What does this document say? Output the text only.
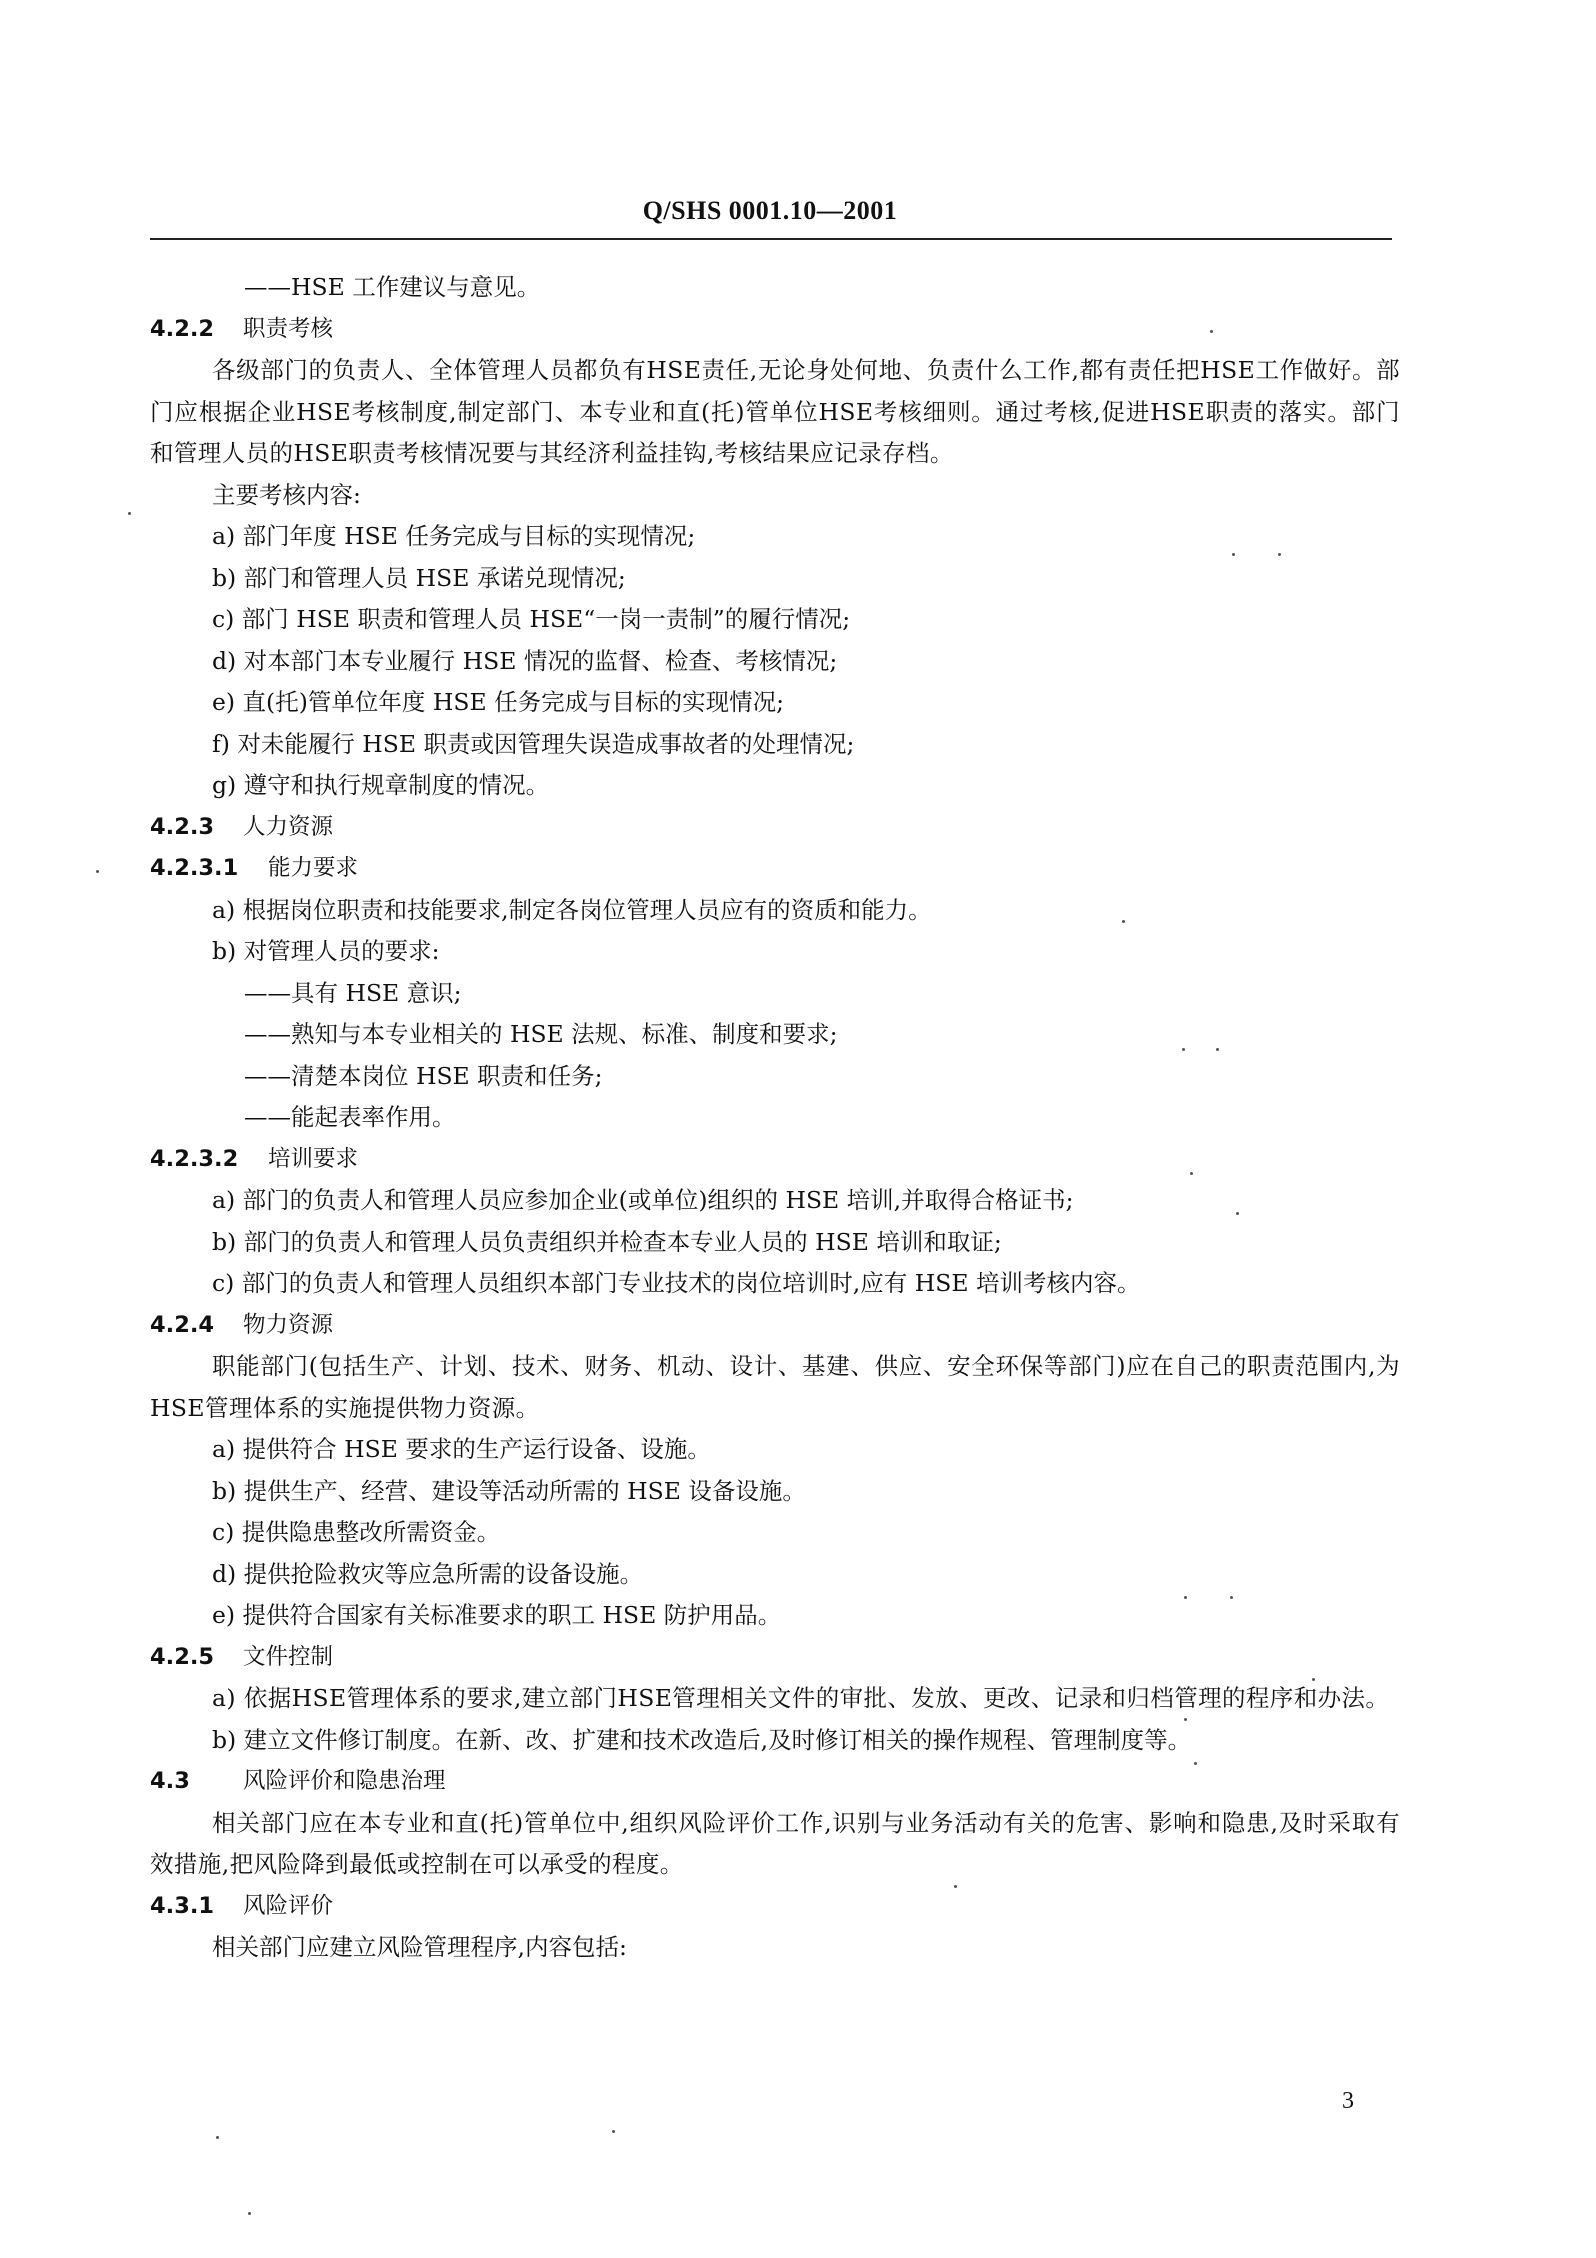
Q/SHS 0001.10—2001
——HSE 工作建议与意见。
4.2.2 职责考核
各级部门的负责人、全体管理人员都负有HSE责任,无论身处何地、负责什么工作,都有责任把HSE工作做好。部门应根据企业HSE考核制度,制定部门、本专业和直(托)管单位HSE考核细则。通过考核,促进HSE职责的落实。部门和管理人员的HSE职责考核情况要与其经济利益挂钩,考核结果应记录存档。
主要考核内容:
a) 部门年度 HSE 任务完成与目标的实现情况;
b) 部门和管理人员 HSE 承诺兑现情况;
c) 部门 HSE 职责和管理人员 HSE“一岗一责制”的履行情况;
d) 对本部门本专业履行 HSE 情况的监督、检查、考核情况;
e) 直(托)管单位年度 HSE 任务完成与目标的实现情况;
f) 对未能履行 HSE 职责或因管理失误造成事故者的处理情况;
g) 遵守和执行规章制度的情况。
4.2.3 人力资源
4.2.3.1 能力要求
a) 根据岗位职责和技能要求,制定各岗位管理人员应有的资质和能力。
b) 对管理人员的要求:
——具有 HSE 意识;
——熟知与本专业相关的 HSE 法规、标准、制度和要求;
——清楚本岗位 HSE 职责和任务;
——能起表率作用。
4.2.3.2 培训要求
a) 部门的负责人和管理人员应参加企业(或单位)组织的 HSE 培训,并取得合格证书;
b) 部门的负责人和管理人员负责组织并检查本专业人员的 HSE 培训和取证;
c) 部门的负责人和管理人员组织本部门专业技术的岗位培训时,应有 HSE 培训考核内容。
4.2.4 物力资源
职能部门(包括生产、计划、技术、财务、机动、设计、基建、供应、安全环保等部门)应在自己的职责范围内,为HSE管理体系的实施提供物力资源。
a) 提供符合 HSE 要求的生产运行设备、设施。
b) 提供生产、经营、建设等活动所需的 HSE 设备设施。
c) 提供隐患整改所需资金。
d) 提供抢险救灾等应急所需的设备设施。
e) 提供符合国家有关标准要求的职工 HSE 防护用品。
4.2.5 文件控制
a) 依据HSE管理体系的要求,建立部门HSE管理相关文件的审批、发放、更改、记录和归档管理的程序和办法。
b) 建立文件修订制度。在新、改、扩建和技术改造后,及时修订相关的操作规程、管理制度等。
4.3 风险评价和隐患治理
相关部门应在本专业和直(托)管单位中,组织风险评价工作,识别与业务活动有关的危害、影响和隐患,及时采取有效措施,把风险降到最低或控制在可以承受的程度。
4.3.1 风险评价
相关部门应建立风险管理程序,内容包括:
3
